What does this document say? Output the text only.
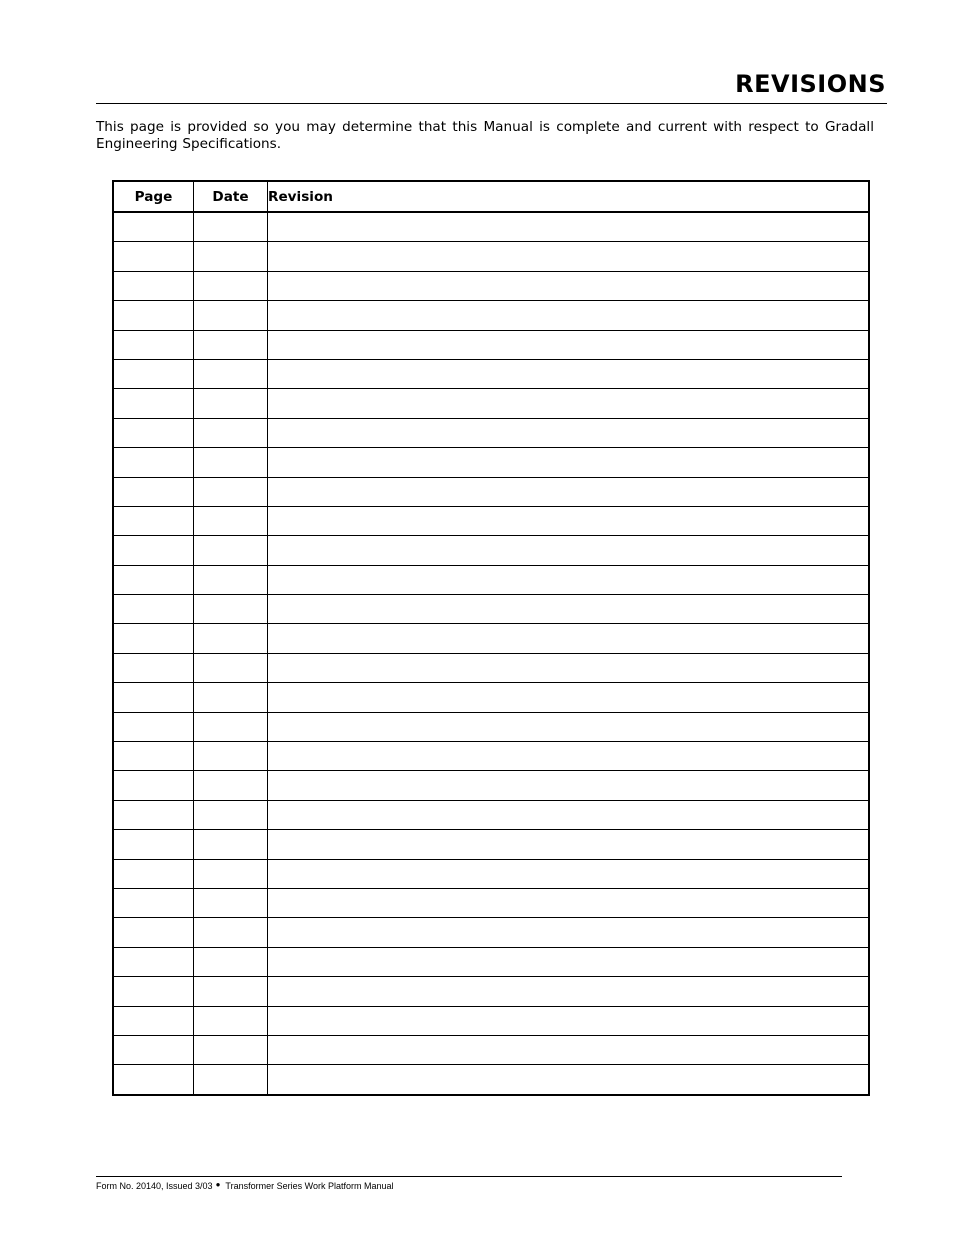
REVISIONS

This page is provided so you may determine that this Manual is complete and current with respect to Gradall Engineering Specifications.

Page	Date	Revision

Form No. 20140, Issued 3/03 ● Transformer Series Work Platform Manual
